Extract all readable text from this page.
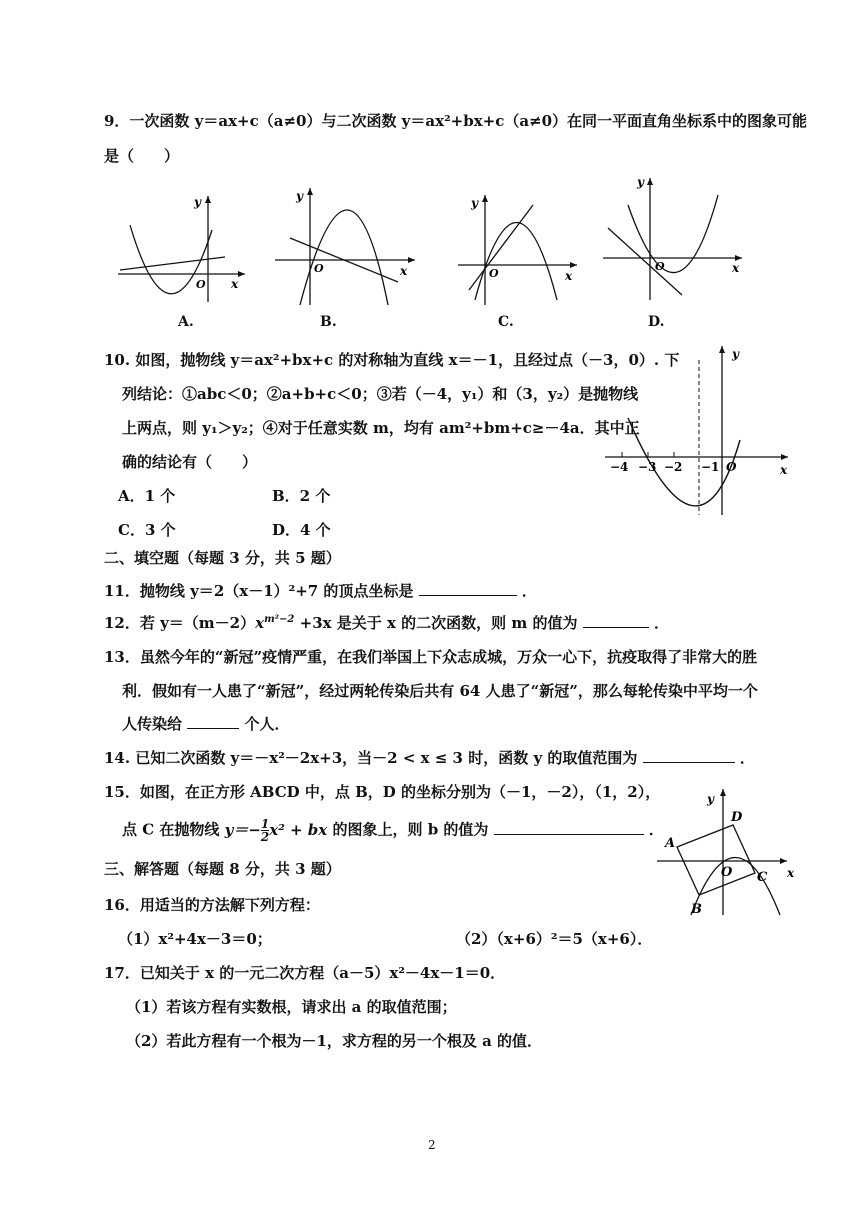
9．一次函数 y＝ax+c（a≠0）与二次函数 y＝ax²+bx+c（a≠0）在同一平面直角坐标系中的图象可能
是（　　）
y
x
O
A.
y
x
O
B.
y
x
O
C.
y
x
O
D.
10. 如图，抛物线 y＝ax²+bx+c 的对称轴为直线 x＝－1，且经过点（－3，0）. 下
列结论：①abc＜0；②a+b+c＜0；③若（－4，y₁）和（3，y₂）是抛物线
上两点，则 y₁＞y₂；④对于任意实数 m，均有 am²+bm+c≥－4a．其中正
确的结论有（　　）
A．1 个	B．2 个
C．3 个	D．4 个
y
x
O
−4 −3 −2 −1
二、填空题（每题 3 分，共 5 题）
11．抛物线 y＝2（x－1）²+7 的顶点坐标是	．
12．若 $y=(m-2)x^{m^2-2} +3x$ 是关于 x 的二次函数，则 m 的值为	．
13．虽然今年的“新冠”疫情严重，在我们举国上下众志成城，万众一心下，抗疫取得了非常大的胜
利．假如有一人患了“新冠”，经过两轮传染后共有 64 人患了“新冠”，那么每轮传染中平均一个
人传染给	个人．
14. 已知二次函数 y＝－x²－2x+3，当－2 < x ≤ 3 时，函数 y 的取值范围为	．
15．如图，在正方形 ABCD 中，点 B，D 的坐标分别为（－1，－2），（1，2），
点 C 在抛物线 $y=- \frac{1}{2} x^2$ + bx 的图象上，则 b 的值为	．
y
x
O
A
D
C
B
三、解答题（每题 8 分，共 3 题）
16．用适当的方法解下列方程：
（1）x²+4x－3＝0；	（2）（x+6）²＝5（x+6）．
17．已知关于 x 的一元二次方程（a－5）x²－4x－1＝0．
（1）若该方程有实数根，请求出 a 的取值范围；
（2）若此方程有一个根为－1，求方程的另一个根及 a 的值．
2
